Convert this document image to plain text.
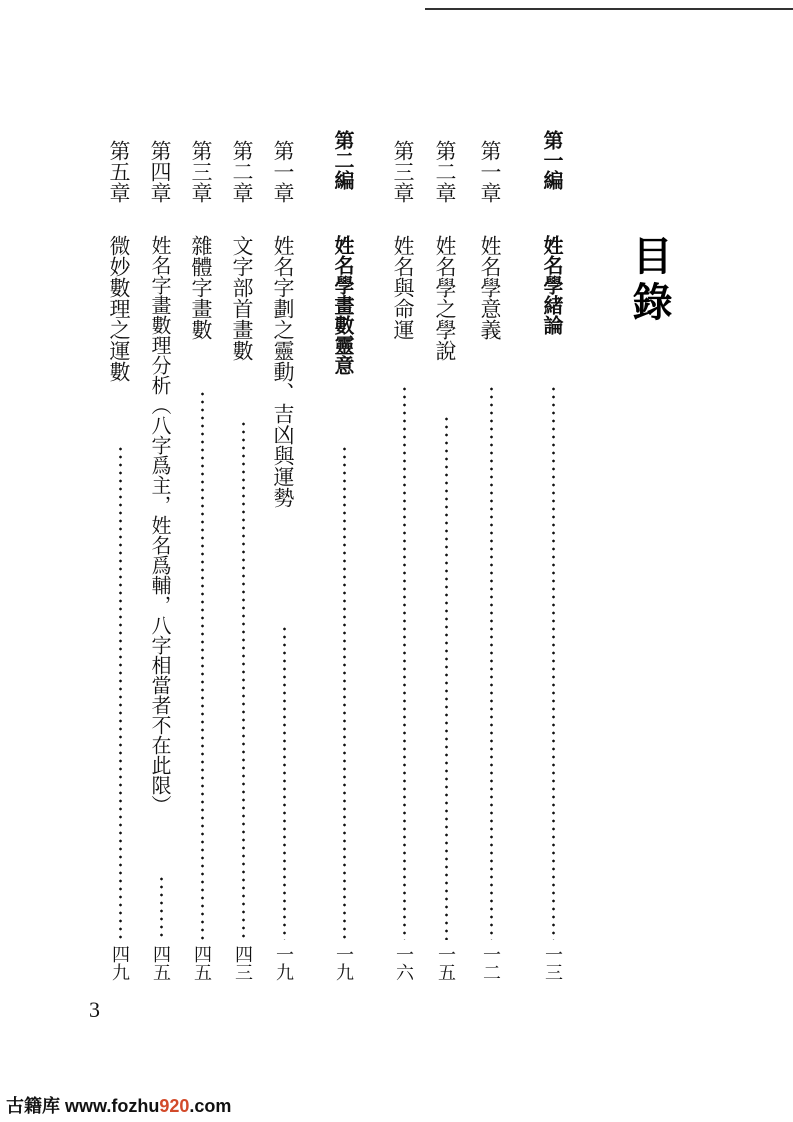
目錄
第一編
姓名學緒論
一三
第一章
姓名學意義
一二
第二章
姓名學之學說
一五
第三章
姓名與命運
一六
第二編
姓名學畫數靈意
一九
第一章
姓名字劃之靈動、吉凶與運勢
一九
第二章
文字部首畫數
四三
第三章
雜體字畫數
四五
第四章
姓名字畫數理分析（八字爲主，姓名爲輔，八字相當者不在此限）
四五
第五章
微妙數理之運數
四九
3
古籍库 www.fozhu920.com
